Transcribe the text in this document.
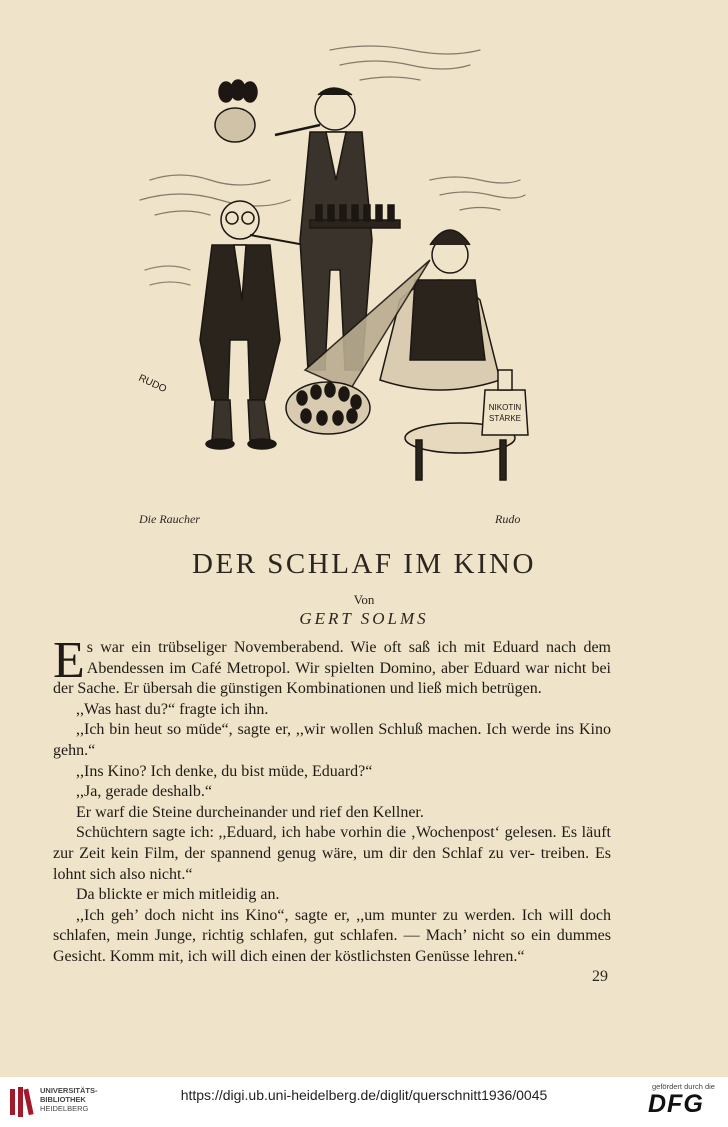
NIKOTIN
STÄRKE
RUDO
Die Raucher	Rudo
DER SCHLAF IM KINO
Von
GERT SOLMS

Es war ein trübseliger Novemberabend. Wie oft saß ich mit Eduard nach dem Abendessen im Café Metropol. Wir spielten Domino, aber Eduard war nicht bei der Sache. Er übersah die günstigen Kombinationen und ließ mich betrügen.

,,Was hast du?“ fragte ich ihn.

,,Ich bin heut so müde“, sagte er, ,,wir wollen Schluß machen. Ich werde ins Kino gehn.“

,,Ins Kino? Ich denke, du bist müde, Eduard?“

,,Ja, gerade deshalb.“

Er warf die Steine durcheinander und rief den Kellner.

Schüchtern sagte ich: ,,Eduard, ich habe vorhin die ‚Wochenpost‘ gelesen. Es läuft zur Zeit kein Film, der spannend genug wäre, um dir den Schlaf zu ver- treiben. Es lohnt sich also nicht.“

Da blickte er mich mitleidig an.

,,Ich geh’ doch nicht ins Kino“, sagte er, ,,um munter zu werden. Ich will doch schlafen, mein Junge, richtig schlafen, gut schlafen. — Mach’ nicht so ein dummes Gesicht. Komm mit, ich will dich einen der köstlichsten Genüsse lehren.“

29
UNIVERSITÄTS-
BIBLIOTHEK
HEIDELBERG
https://digi.ub.uni-heidelberg.de/diglit/querschnitt1936/0045
gefördert durch die
DFG
